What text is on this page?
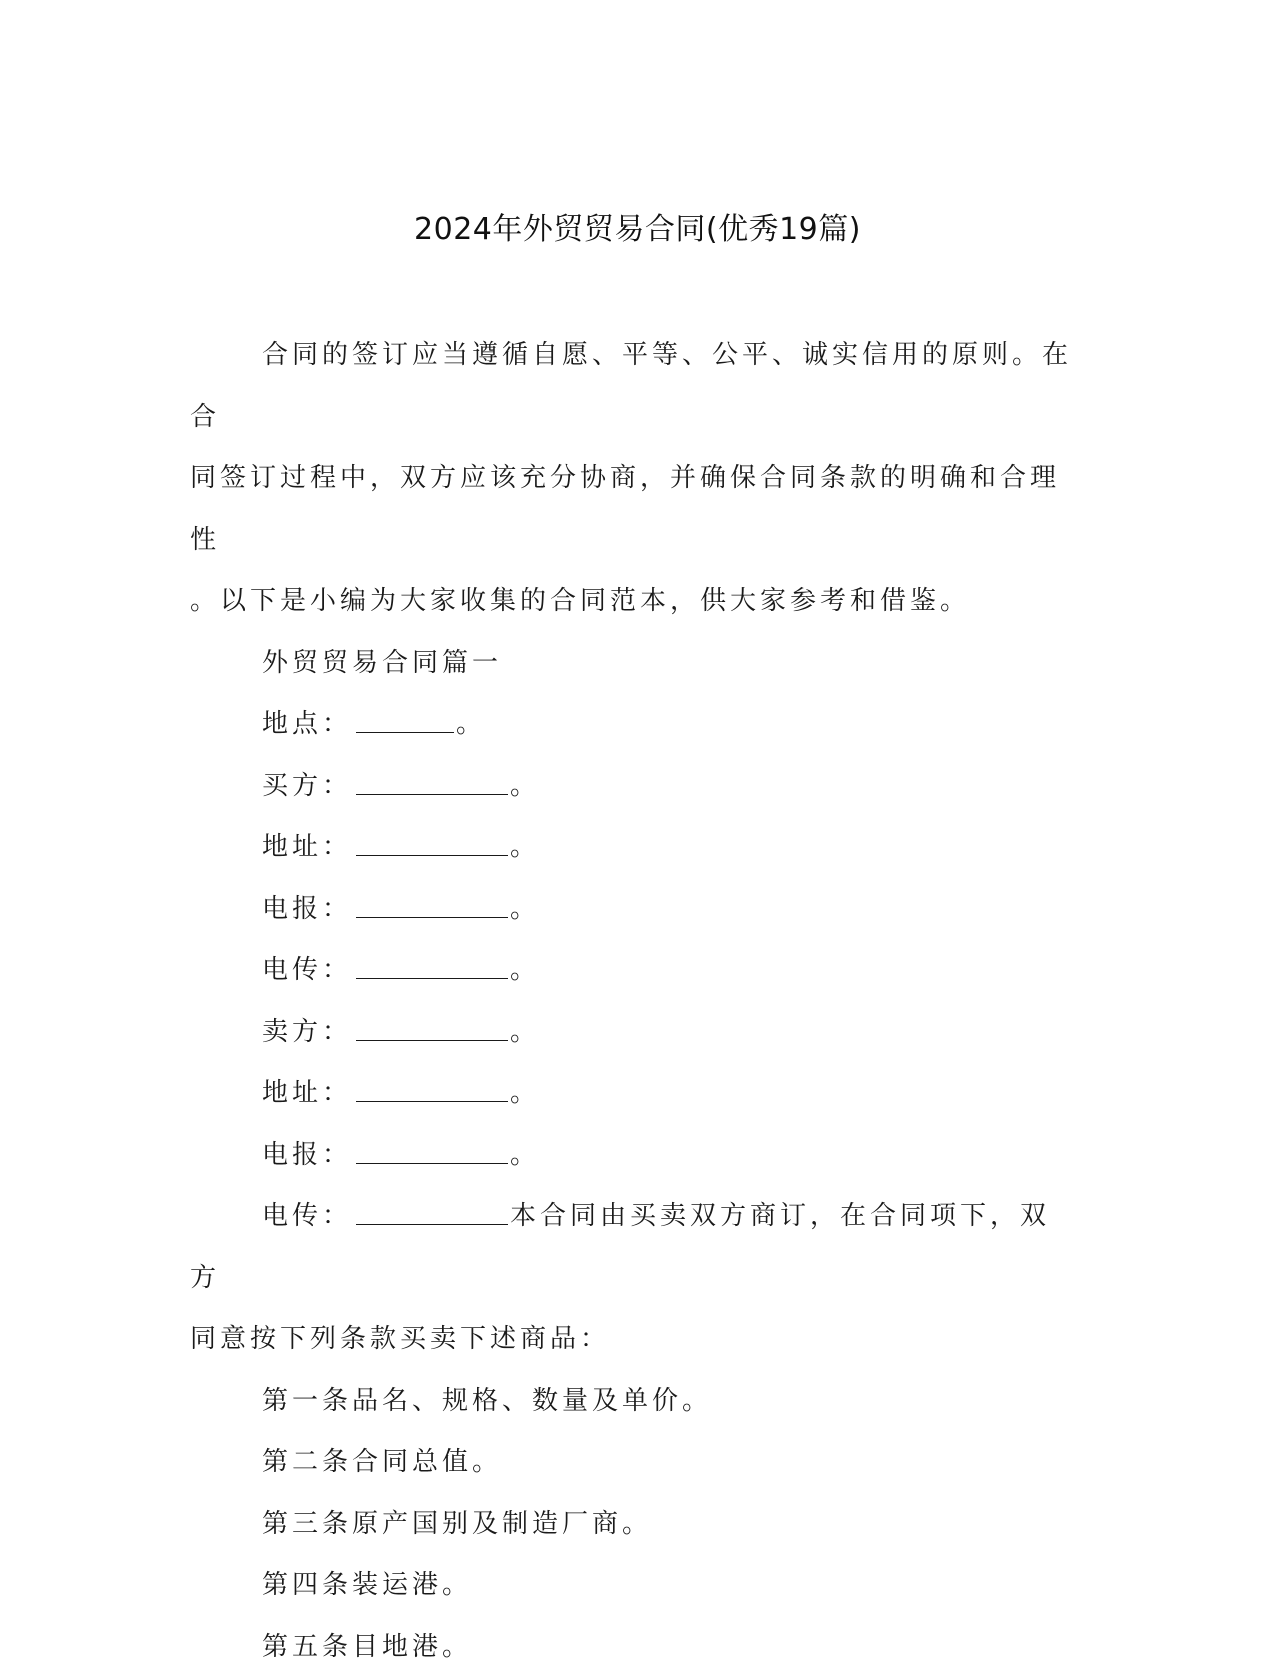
2024年外贸贸易合同(优秀19篇)

合同的签订应当遵循自愿、平等、公平、诚实信用的原则。在合
同签订过程中，双方应该充分协商，并确保合同条款的明确和合理性
。以下是小编为大家收集的合同范本，供大家参考和借鉴。

外贸贸易合同篇一

地点：	。

买方：	。

地址：	。

电报：	。

电传：	。

卖方：	。

地址：	。

电报：	。

电传：	本合同由买卖双方商订，在合同项下，双方
同意按下列条款买卖下述商品：

第一条品名、规格、数量及单价。

第二条合同总值。

第三条原产国别及制造厂商。

第四条装运港。

第五条目地港。
